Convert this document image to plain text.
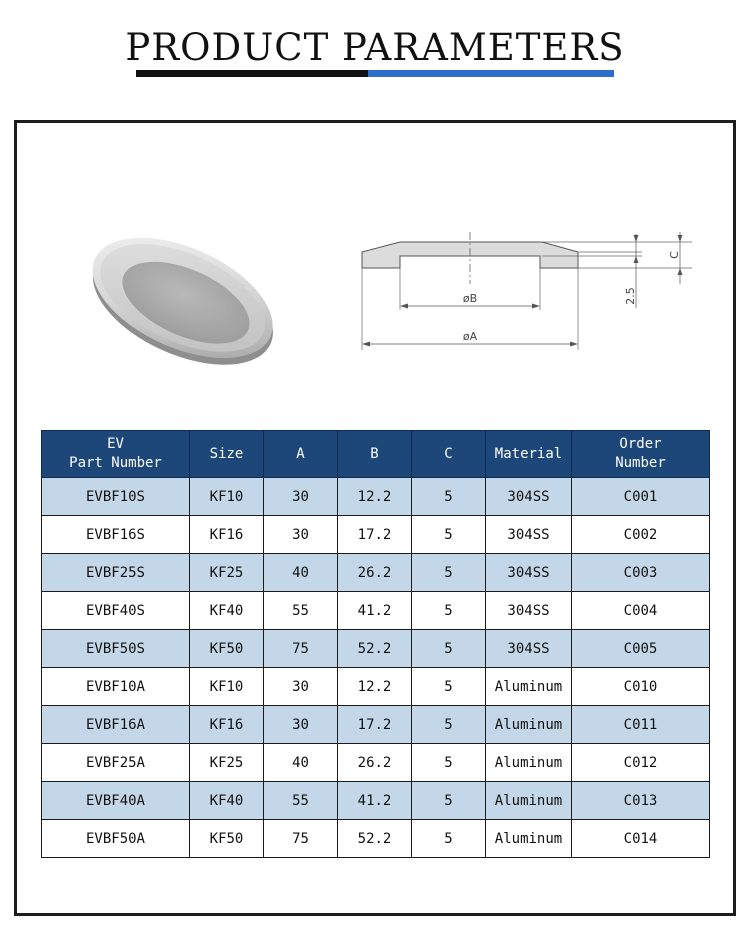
PRODUCT PARAMETERS
øB
øA
2.5
C
EV
Part Number	Size	A	B	C	Material	Order
Number
EVBF10S	KF10	30	12.2	5	304SS	C001
EVBF16S	KF16	30	17.2	5	304SS	C002
EVBF25S	KF25	40	26.2	5	304SS	C003
EVBF40S	KF40	55	41.2	5	304SS	C004
EVBF50S	KF50	75	52.2	5	304SS	C005
EVBF10A	KF10	30	12.2	5	Aluminum	C010
EVBF16A	KF16	30	17.2	5	Aluminum	C011
EVBF25A	KF25	40	26.2	5	Aluminum	C012
EVBF40A	KF40	55	41.2	5	Aluminum	C013
EVBF50A	KF50	75	52.2	5	Aluminum	C014
